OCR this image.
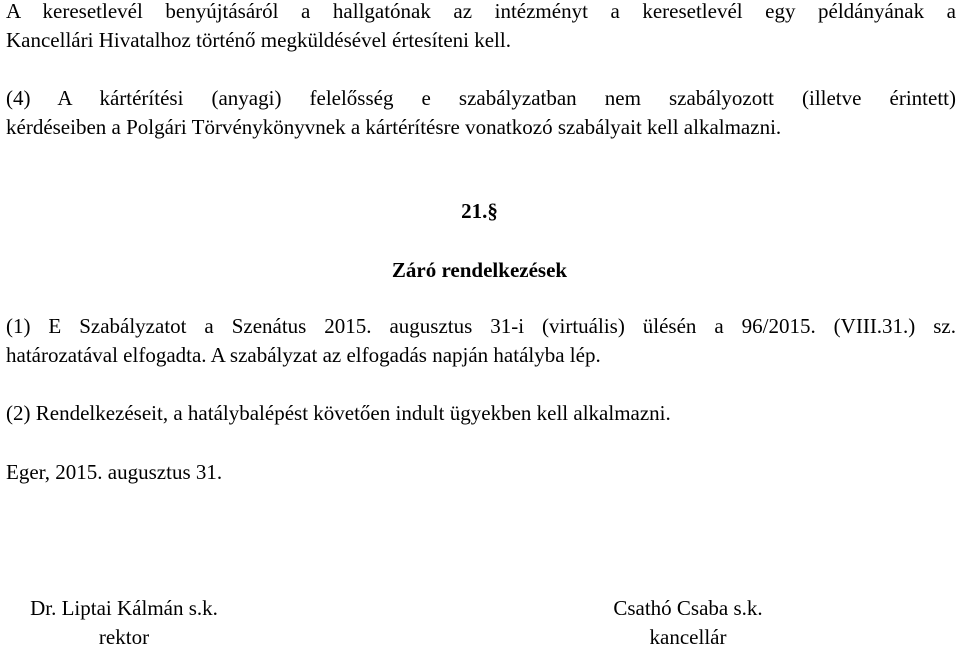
A keresetlevél benyújtásáról a hallgatónak az intézményt a keresetlevél egy példányának a
Kancellári Hivatalhoz történő megküldésével értesíteni kell.

(4) A kártérítési (anyagi) felelősség e szabályzatban nem szabályozott (illetve érintett)
kérdéseiben a Polgári Törvénykönyvnek a kártérítésre vonatkozó szabályait kell alkalmazni.

21.§

Záró rendelkezések

(1) E Szabályzatot a Szenátus 2015. augusztus 31-i (virtuális) ülésén a 96/2015. (VIII.31.) sz.
határozatával elfogadta. A szabályzat az elfogadás napján hatályba lép.

(2) Rendelkezéseit, a hatálybalépést követően indult ügyekben kell alkalmazni.

Eger, 2015. augusztus 31.

Dr. Liptai Kálmán s.k.
rektor
Csathó Csaba s.k.
kancellár
